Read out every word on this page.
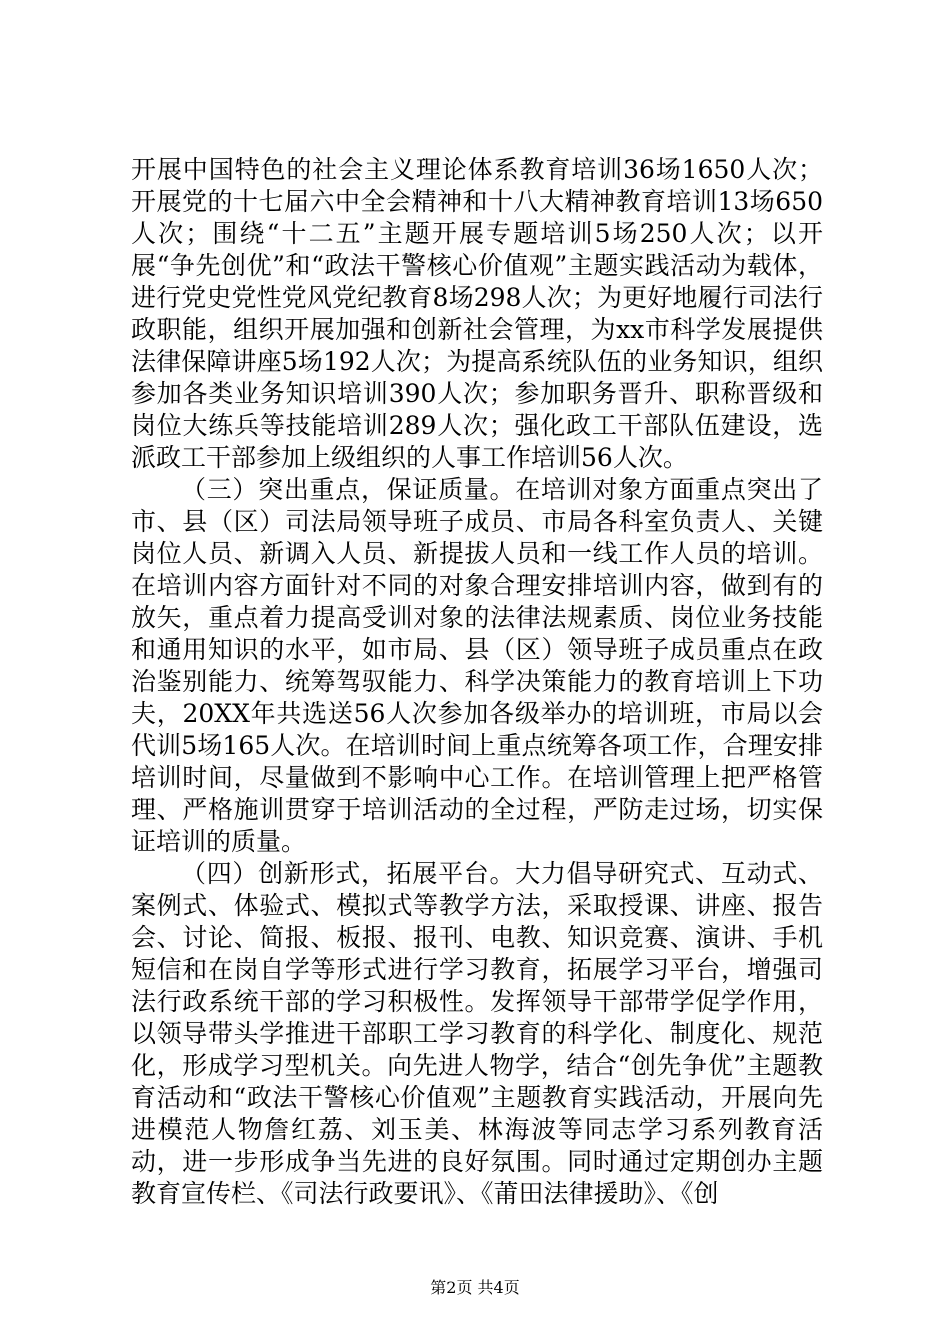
开展中国特色的社会主义理论体系教育培训36场1650人次；开展党的十七届六中全会精神和十八大精神教育培训13场650人次；围绕“十二五”主题开展专题培训5场250人次；以开展“争先创优”和“政法干警核心价值观”主题实践活动为载体，进行党史党性党风党纪教育8场298人次；为更好地履行司法行政职能，组织开展加强和创新社会管理，为xx市科学发展提供法律保障讲座5场192人次；为提高系统队伍的业务知识，组织参加各类业务知识培训390人次；参加职务晋升、职称晋级和岗位大练兵等技能培训289人次；强化政工干部队伍建设，选派政工干部参加上级组织的人事工作培训56人次。

（三）突出重点，保证质量。在培训对象方面重点突出了市、县（区）司法局领导班子成员、市局各科室负责人、关键岗位人员、新调入人员、新提拔人员和一线工作人员的培训。在培训内容方面针对不同的对象合理安排培训内容，做到有的放矢，重点着力提高受训对象的法律法规素质、岗位业务技能和通用知识的水平，如市局、县（区）领导班子成员重点在政治鉴别能力、统筹驾驭能力、科学决策能力的教育培训上下功夫，20XX年共选送56人次参加各级举办的培训班，市局以会代训5场165人次。在培训时间上重点统筹各项工作，合理安排培训时间，尽量做到不影响中心工作。在培训管理上把严格管理、严格施训贯穿于培训活动的全过程，严防走过场，切实保证培训的质量。

（四）创新形式，拓展平台。大力倡导研究式、互动式、案例式、体验式、模拟式等教学方法，采取授课、讲座、报告会、讨论、简报、板报、报刊、电教、知识竞赛、演讲、手机短信和在岗自学等形式进行学习教育，拓展学习平台，增强司法行政系统干部的学习积极性。发挥领导干部带学促学作用，以领导带头学推进干部职工学习教育的科学化、制度化、规范化，形成学习型机关。向先进人物学，结合“创先争优”主题教育活动和“政法干警核心价值观”主题教育实践活动，开展向先进模范人物詹红荔、刘玉美、林海波等同志学习系列教育活动，进一步形成争当先进的良好氛围。同时通过定期创办主题教育宣传栏、《司法行政要讯》、《莆田法律援助》、《创

第2页 共4页
